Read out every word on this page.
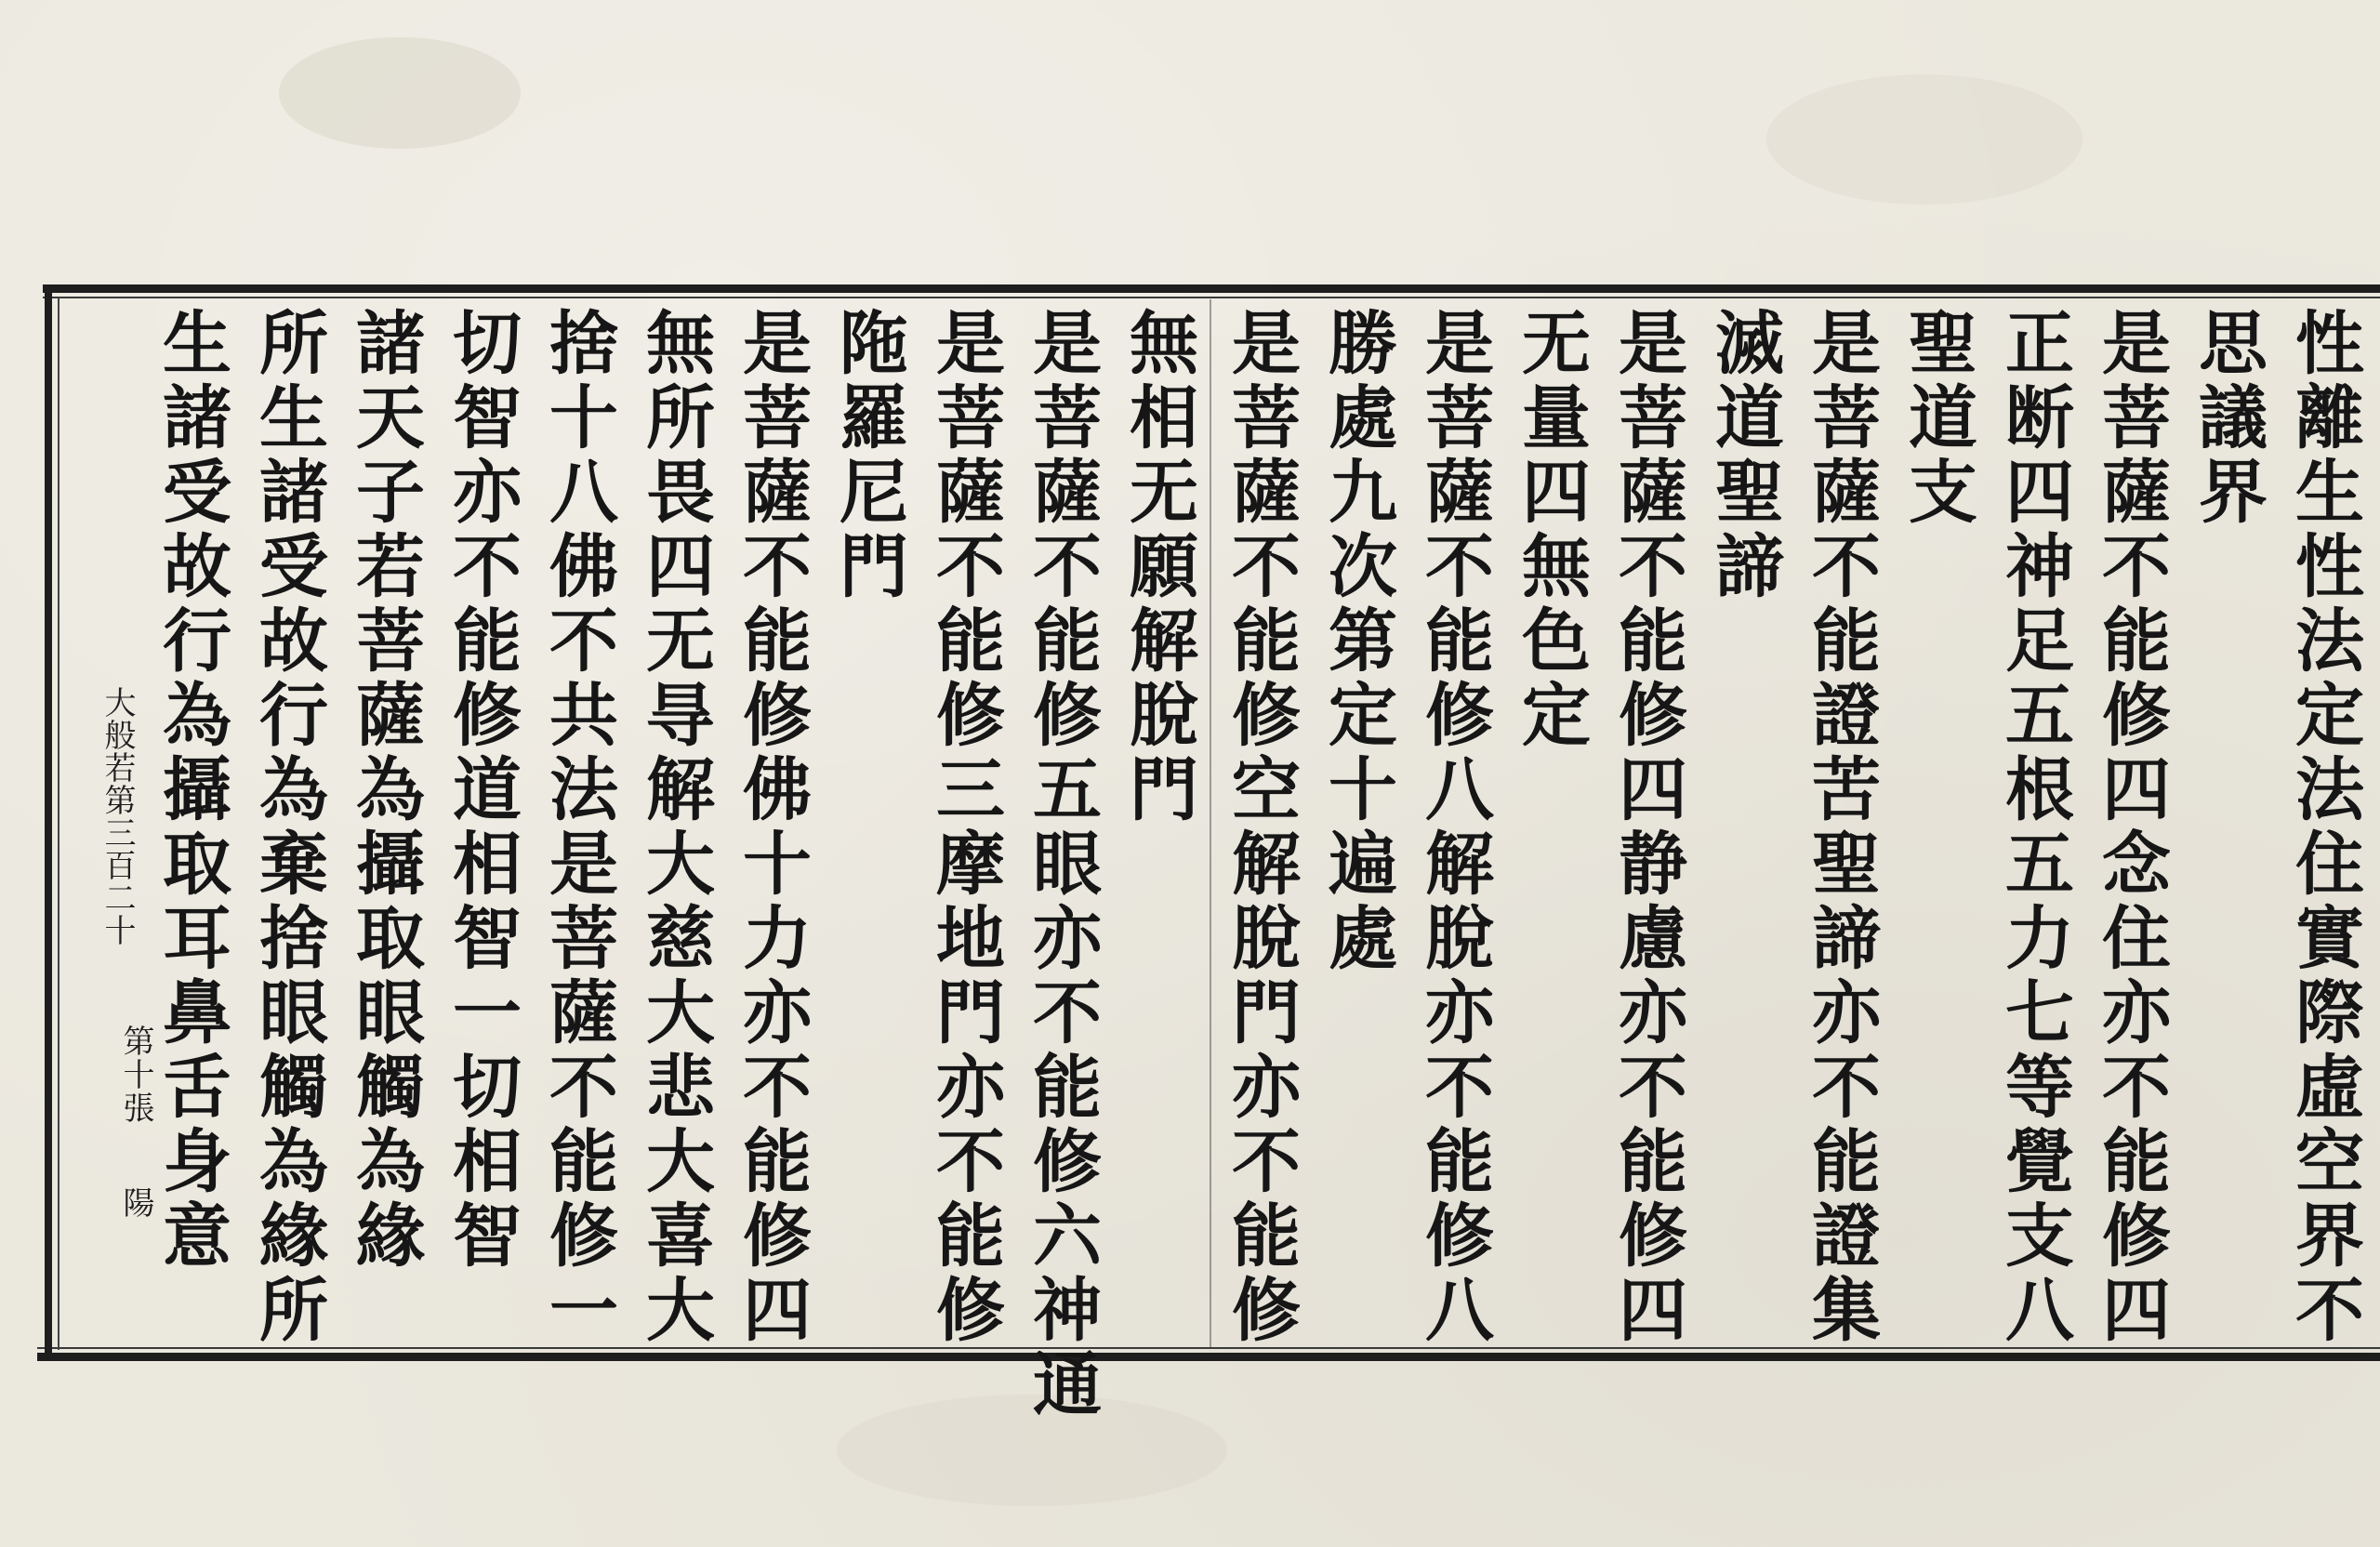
性離生性法定法住實際虛空界不
思議界
是菩薩不能修四念住亦不能修四
正断四神足五根五力七等覺支八
聖道支
是菩薩不能證苦聖諦亦不能證集
滅道聖諦
是菩薩不能修四静慮亦不能修四
无量四無色定
是菩薩不能修八解脫亦不能修八
勝處九次第定十遍處
是菩薩不能修空解脫門亦不能修
無相无願解脫門
是菩薩不能修五眼亦不能修六神通
是菩薩不能修三摩地門亦不能修
陁羅尼門
是菩薩不能修佛十力亦不能修四
無所畏四无㝵解大慈大悲大喜大
捨十八佛不共法是菩薩不能修一
切智亦不能修道相智一切相智
諸天子若菩薩為攝取眼觸為緣
所生諸受故行為棄捨眼觸為緣所
生諸受故行為攝取耳鼻舌身意
大般若第三百二十
第十張
陽
